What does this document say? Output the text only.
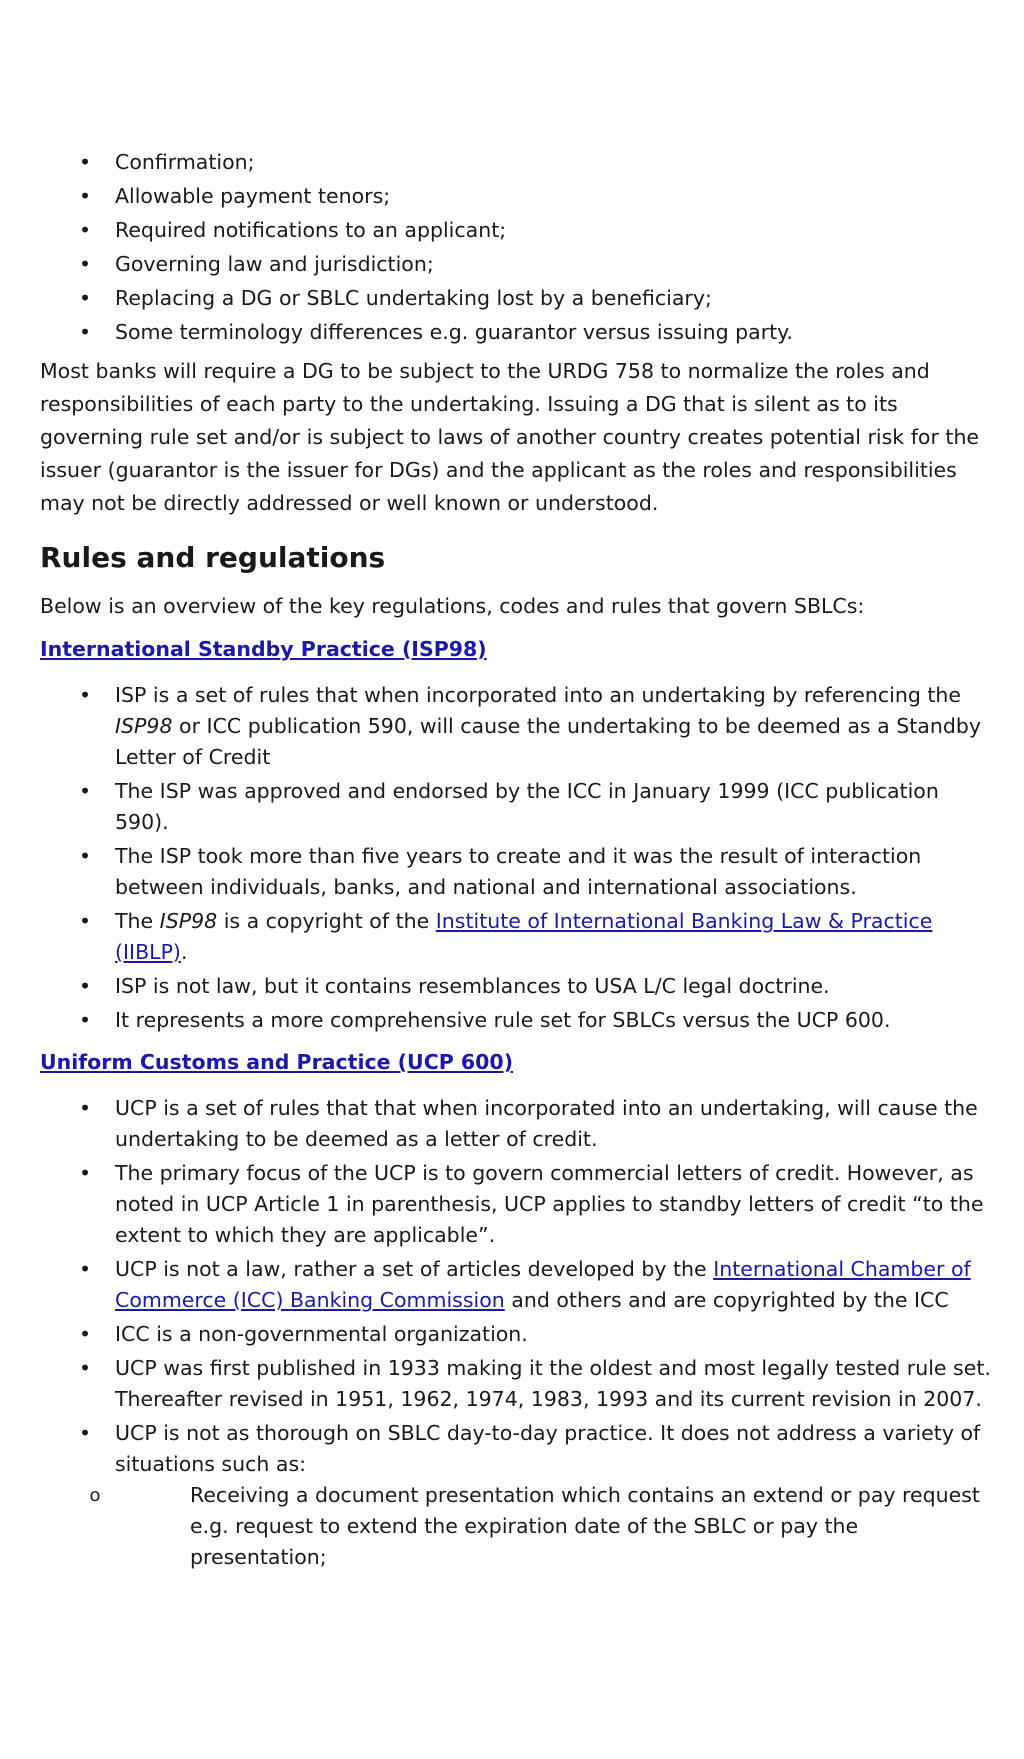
• Confirmation;
• Allowable payment tenors;
• Required notifications to an applicant;
• Governing law and jurisdiction;
• Replacing a DG or SBLC undertaking lost by a beneficiary;
• Some terminology differences e.g. guarantor versus issuing party.

Most banks will require a DG to be subject to the URDG 758 to normalize the roles and responsibilities of each party to the undertaking. Issuing a DG that is silent as to its governing rule set and/or is subject to laws of another country creates potential risk for the issuer (guarantor is the issuer for DGs) and the applicant as the roles and responsibilities may not be directly addressed or well known or understood.

Rules and regulations

Below is an overview of the key regulations, codes and rules that govern SBLCs:

International Standby Practice (ISP98)
• ISP is a set of rules that when incorporated into an undertaking by referencing the ISP98 or ICC publication 590, will cause the undertaking to be deemed as a Standby Letter of Credit
• The ISP was approved and endorsed by the ICC in January 1999 (ICC publication 590).
• The ISP took more than five years to create and it was the result of interaction between individuals, banks, and national and international associations.
• The ISP98 is a copyright of the Institute of International Banking Law & Practice (IIBLP).
• ISP is not law, but it contains resemblances to USA L/C legal doctrine.
• It represents a more comprehensive rule set for SBLCs versus the UCP 600.
Uniform Customs and Practice (UCP 600)
• UCP is a set of rules that that when incorporated into an undertaking, will cause the undertaking to be deemed as a letter of credit.
• The primary focus of the UCP is to govern commercial letters of credit. However, as noted in UCP Article 1 in parenthesis, UCP applies to standby letters of credit “to the extent to which they are applicable”.
• UCP is not a law, rather a set of articles developed by the International Chamber of Commerce (ICC) Banking Commission and others and are copyrighted by the ICC
• ICC is a non-governmental organization.
• UCP was first published in 1933 making it the oldest and most legally tested rule set. Thereafter revised in 1951, 1962, 1974, 1983, 1993 and its current revision in 2007.
• UCP is not as thorough on SBLC day-to-day practice. It does not address a variety of situations such as:
o	Receiving a document presentation which contains an extend or pay request e.g. request to extend the expiration date of the SBLC or pay the presentation;
